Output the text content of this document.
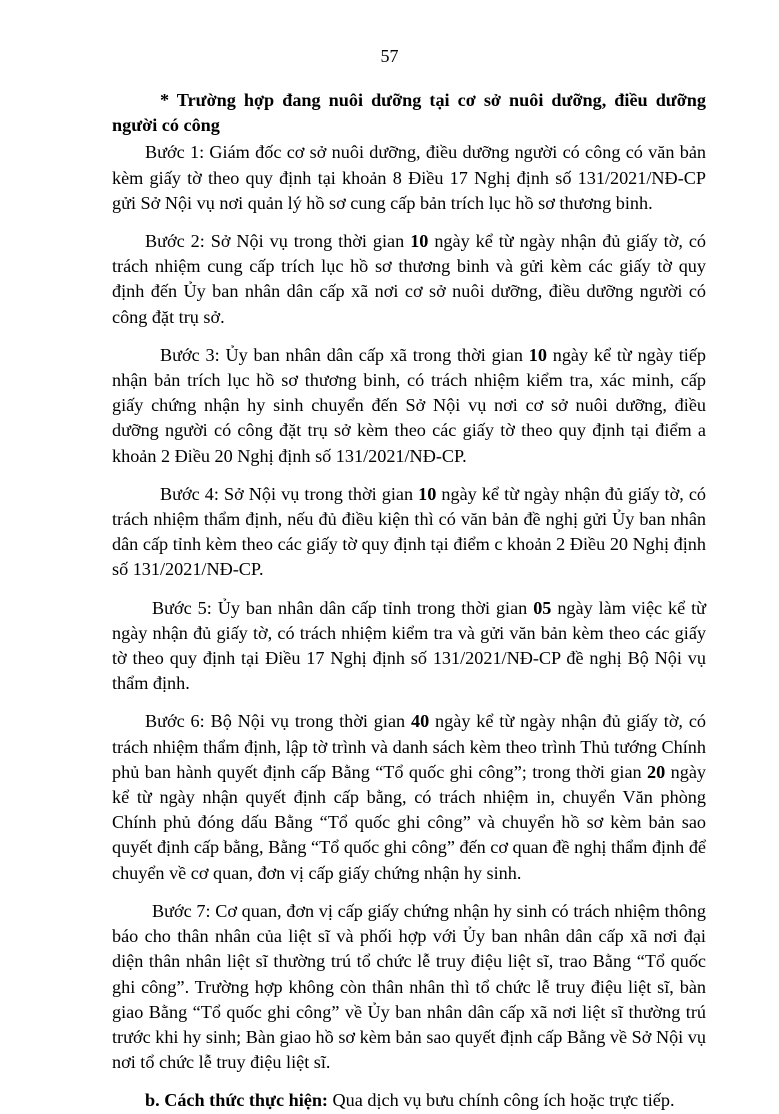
57

* Trường hợp đang nuôi dưỡng tại cơ sở nuôi dưỡng, điều dưỡng người có công

Bước 1: Giám đốc cơ sở nuôi dưỡng, điều dưỡng người có công có văn bản kèm giấy tờ theo quy định tại khoản 8 Điều 17 Nghị định số 131/2021/NĐ-CP gửi Sở Nội vụ nơi quản lý hồ sơ cung cấp bản trích lục hồ sơ thương binh.

Bước 2: Sở Nội vụ trong thời gian 10 ngày kể từ ngày nhận đủ giấy tờ, có trách nhiệm cung cấp trích lục hồ sơ thương binh và gửi kèm các giấy tờ quy định đến Ủy ban nhân dân cấp xã nơi cơ sở nuôi dưỡng, điều dưỡng người có công đặt trụ sở.

Bước 3: Ủy ban nhân dân cấp xã trong thời gian 10 ngày kể từ ngày tiếp nhận bản trích lục hồ sơ thương binh, có trách nhiệm kiểm tra, xác minh, cấp giấy chứng nhận hy sinh chuyển đến Sở Nội vụ nơi cơ sở nuôi dưỡng, điều dưỡng người có công đặt trụ sở kèm theo các giấy tờ theo quy định tại điểm a khoản 2 Điều 20 Nghị định số 131/2021/NĐ-CP.

Bước 4: Sở Nội vụ trong thời gian 10 ngày kể từ ngày nhận đủ giấy tờ, có trách nhiệm thẩm định, nếu đủ điều kiện thì có văn bản đề nghị gửi Ủy ban nhân dân cấp tỉnh kèm theo các giấy tờ quy định tại điểm c khoản 2 Điều 20 Nghị định số 131/2021/NĐ-CP.

Bước 5: Ủy ban nhân dân cấp tỉnh trong thời gian 05 ngày làm việc kể từ ngày nhận đủ giấy tờ, có trách nhiệm kiểm tra và gửi văn bản kèm theo các giấy tờ theo quy định tại Điều 17 Nghị định số 131/2021/NĐ-CP đề nghị Bộ Nội vụ thẩm định.

Bước 6: Bộ Nội vụ trong thời gian 40 ngày kể từ ngày nhận đủ giấy tờ, có trách nhiệm thẩm định, lập tờ trình và danh sách kèm theo trình Thủ tướng Chính phủ ban hành quyết định cấp Bằng “Tổ quốc ghi công”; trong thời gian 20 ngày kể từ ngày nhận quyết định cấp bằng, có trách nhiệm in, chuyển Văn phòng Chính phủ đóng dấu Bằng “Tổ quốc ghi công” và chuyển hồ sơ kèm bản sao quyết định cấp bằng, Bằng “Tổ quốc ghi công” đến cơ quan đề nghị thẩm định để chuyển về cơ quan, đơn vị cấp giấy chứng nhận hy sinh.

Bước 7: Cơ quan, đơn vị cấp giấy chứng nhận hy sinh có trách nhiệm thông báo cho thân nhân của liệt sĩ và phối hợp với Ủy ban nhân dân cấp xã nơi đại diện thân nhân liệt sĩ thường trú tổ chức lễ truy điệu liệt sĩ, trao Bằng “Tổ quốc ghi công”. Trường hợp không còn thân nhân thì tổ chức lễ truy điệu liệt sĩ, bàn giao Bằng “Tổ quốc ghi công” về Ủy ban nhân dân cấp xã nơi liệt sĩ thường trú trước khi hy sinh; Bàn giao hồ sơ kèm bản sao quyết định cấp Bằng về Sở Nội vụ nơi tổ chức lễ truy điệu liệt sĩ.

b. Cách thức thực hiện: Qua dịch vụ bưu chính công ích hoặc trực tiếp.
